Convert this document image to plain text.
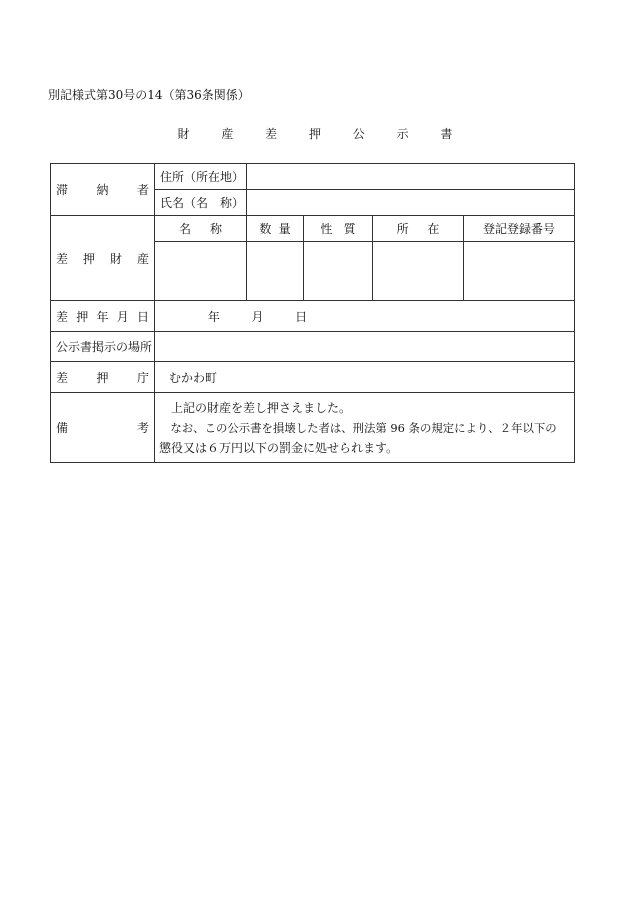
別記様式第30号の14（第36条関係）
財 産 差 押 公 示 書
滞 納 者	住所（所在地）				
	氏名（名　称）				

差 押 財 産	名 称	数 量	性 質	所 在	登記登録番号

差 押 年 月 日	年 月 日				
公示書掲示の場所					

差 押 庁	むかわ町				

備 考	上記の財産を差し押さえました。
なお、この公示書を損壊した者は、刑法第 96 条の規定により、２年以下の
懲役又は６万円以下の罰金に処せられます。				
